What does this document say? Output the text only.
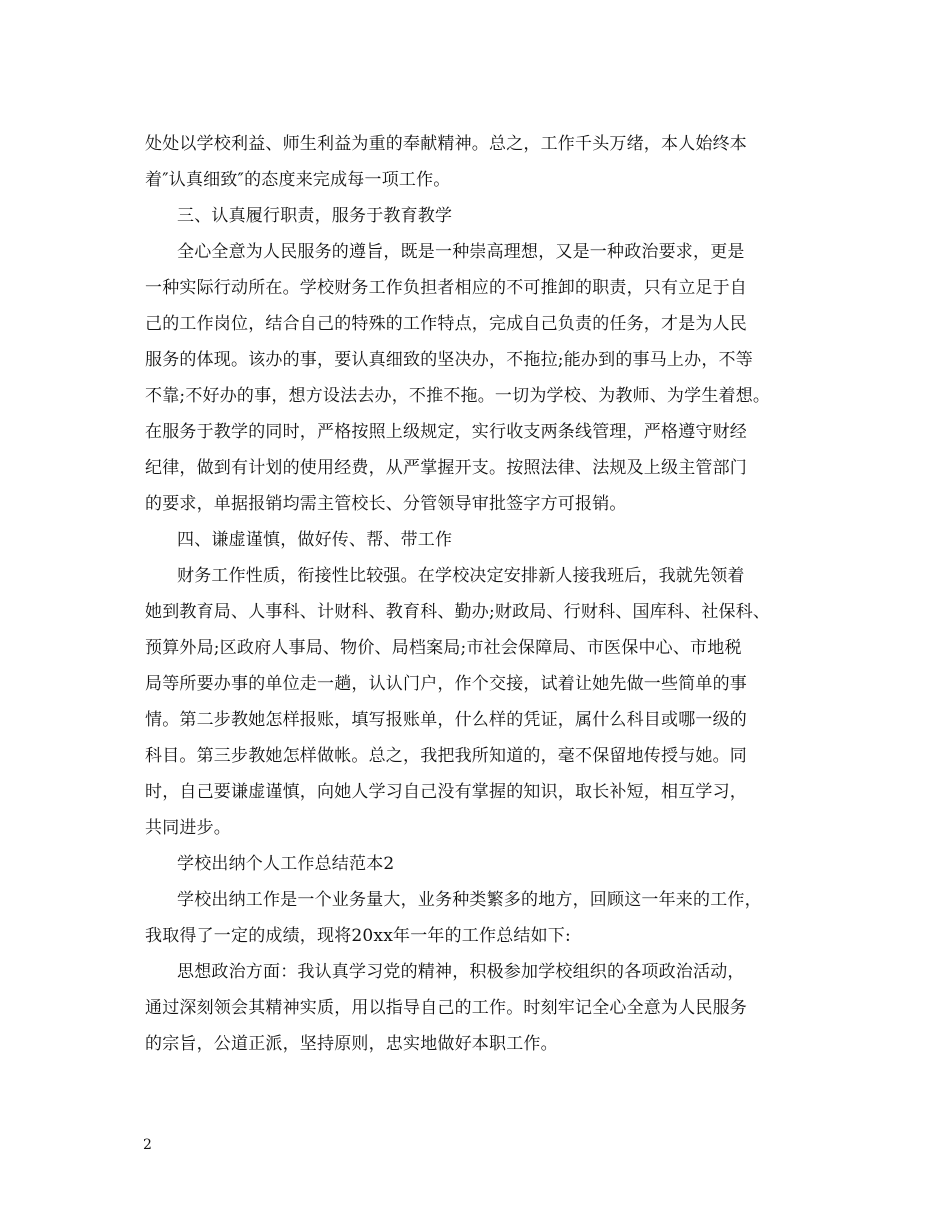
处处以学校利益、师生利益为重的奉献精神。总之，工作千头万绪，本人始终本
着″认真细致″的态度来完成每一项工作。
三、认真履行职责，服务于教育教学
全心全意为人民服务的遵旨，既是一种崇高理想，又是一种政治要求，更是
一种实际行动所在。学校财务工作负担者相应的不可推卸的职责，只有立足于自
己的工作岗位，结合自己的特殊的工作特点，完成自己负责的任务，才是为人民
服务的体现。该办的事，要认真细致的坚决办，不拖拉;能办到的事马上办，不等
不靠;不好办的事，想方设法去办，不推不拖。一切为学校、为教师、为学生着想。
在服务于教学的同时，严格按照上级规定，实行收支两条线管理，严格遵守财经
纪律，做到有计划的使用经费，从严掌握开支。按照法律、法规及上级主管部门
的要求，单据报销均需主管校长、分管领导审批签字方可报销。
四、谦虚谨慎，做好传、帮、带工作
财务工作性质，衔接性比较强。在学校决定安排新人接我班后，我就先领着
她到教育局、人事科、计财科、教育科、勤办;财政局、行财科、国库科、社保科、
预算外局;区政府人事局、物价、局档案局;市社会保障局、市医保中心、市地税
局等所要办事的单位走一趟，认认门户，作个交接，试着让她先做一些简单的事
情。第二步教她怎样报账，填写报账单，什么样的凭证，属什么科目或哪一级的
科目。第三步教她怎样做帐。总之，我把我所知道的，毫不保留地传授与她。同
时，自己要谦虚谨慎，向她人学习自己没有掌握的知识，取长补短，相互学习，
共同进步。
学校出纳个人工作总结范本2
学校出纳工作是一个业务量大，业务种类繁多的地方，回顾这一年来的工作，
我取得了一定的成绩，现将20xx年一年的工作总结如下:
思想政治方面：我认真学习党的精神，积极参加学校组织的各项政治活动，
通过深刻领会其精神实质，用以指导自己的工作。时刻牢记全心全意为人民服务
的宗旨，公道正派，坚持原则，忠实地做好本职工作。
2
